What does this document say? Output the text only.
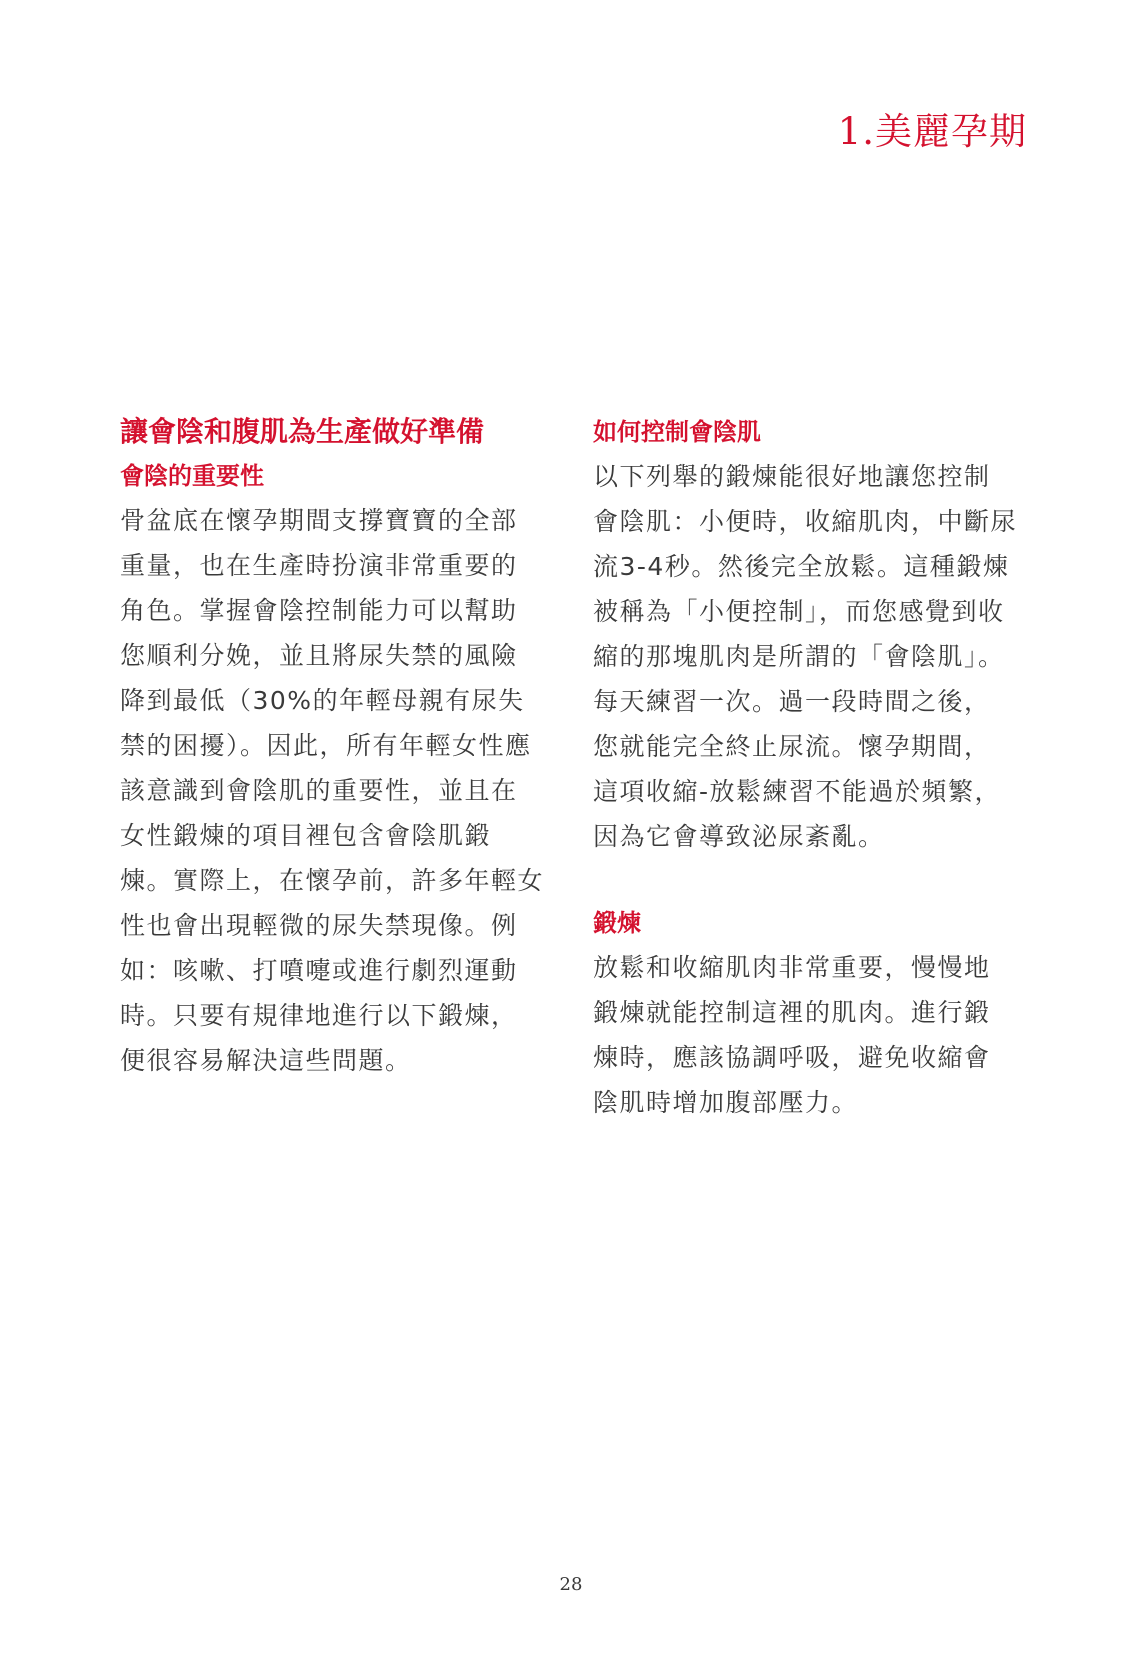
1.美麗孕期
讓會陰和腹肌為生產做好準備
會陰的重要性

骨盆底在懷孕期間支撐寶寶的全部
重量，也在生產時扮演非常重要的
角色。掌握會陰控制能力可以幫助
您順利分娩，並且將尿失禁的風險
降到最低（30%的年輕母親有尿失
禁的困擾）。因此，所有年輕女性應
該意識到會陰肌的重要性，並且在
女性鍛煉的項目裡包含會陰肌鍛
煉。實際上，在懷孕前，許多年輕女
性也會出現輕微的尿失禁現像。例
如：咳嗽、打噴嚏或進行劇烈運動
時。只要有規律地進行以下鍛煉，
便很容易解決這些問題。

如何控制會陰肌

以下列舉的鍛煉能很好地讓您控制
會陰肌：小便時，收縮肌肉，中斷尿
流3-4秒。然後完全放鬆。這種鍛煉
被稱為「小便控制」，而您感覺到收
縮的那塊肌肉是所謂的「會陰肌」。
每天練習一次。過一段時間之後，
您就能完全終止尿流。懷孕期間，
這項收縮-放鬆練習不能過於頻繁，
因為它會導致泌尿紊亂。

鍛煉

放鬆和收縮肌肉非常重要，慢慢地
鍛煉就能控制這裡的肌肉。進行鍛
煉時，應該協調呼吸，避免收縮會
陰肌時增加腹部壓力。

28
